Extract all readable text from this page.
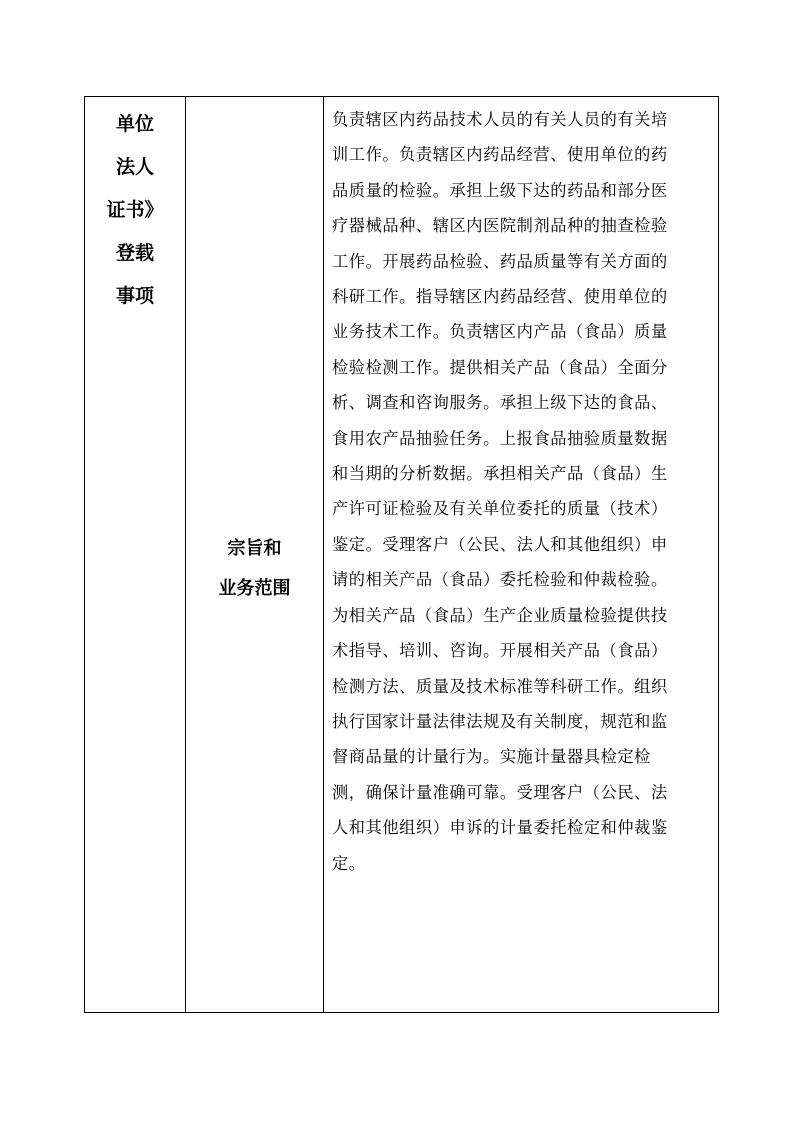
单位
法人
证书》
登载
事项

宗旨和
业务范围

负责辖区内药品技术人员的有关人员的有关培
训工作。负责辖区内药品经营、使用单位的药
品质量的检验。承担上级下达的药品和部分医
疗器械品种、辖区内医院制剂品种的抽查检验
工作。开展药品检验、药品质量等有关方面的
科研工作。指导辖区内药品经营、使用单位的
业务技术工作。负责辖区内产品（食品）质量
检验检测工作。提供相关产品（食品）全面分
析、调查和咨询服务。承担上级下达的食品、
食用农产品抽验任务。上报食品抽验质量数据
和当期的分析数据。承担相关产品（食品）生
产许可证检验及有关单位委托的质量（技术）
鉴定。受理客户（公民、法人和其他组织）申
请的相关产品（食品）委托检验和仲裁检验。
为相关产品（食品）生产企业质量检验提供技
术指导、培训、咨询。开展相关产品（食品）
检测方法、质量及技术标准等科研工作。组织
执行国家计量法律法规及有关制度，规范和监
督商品量的计量行为。实施计量器具检定检
测，确保计量准确可靠。受理客户（公民、法
人和其他组织）申诉的计量委托检定和仲裁鉴
定。
